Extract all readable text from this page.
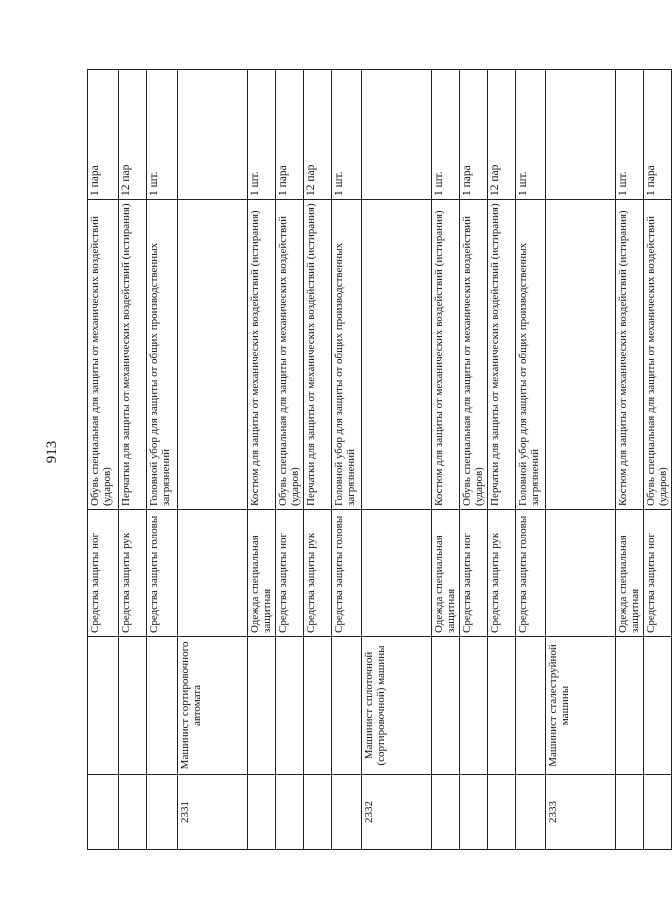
913
		Средства защиты ног	Обувь специальная для защиты от механических воздействий (ударов)	1 пара
		Средства защиты рук	Перчатки для защиты от механических воздействий (истирания)	12 пар
		Средства защиты головы	Головной убор для защиты от общих производственных загрязнений	1 шт.
2331	Машинист сортировочного автомата			
		Одежда специальная защитная	Костюм для защиты от механических воздействий (истирания)	1 шт.
		Средства защиты ног	Обувь специальная для защиты от механических воздействий (ударов)	1 пара
		Средства защиты рук	Перчатки для защиты от механических воздействий (истирания)	12 пар
		Средства защиты головы	Головной убор для защиты от общих производственных загрязнений	1 шт.
2332	Машинист сплоточной (сортировочной) машины			
		Одежда специальная защитная	Костюм для защиты от механических воздействий (истирания)	1 шт.
		Средства защиты ног	Обувь специальная для защиты от механических воздействий (ударов)	1 пара
		Средства защиты рук	Перчатки для защиты от механических воздействий (истирания)	12 пар
		Средства защиты головы	Головной убор для защиты от общих производственных загрязнений	1 шт.
2333	Машинист сталеструйной машины			
		Одежда специальная защитная	Костюм для защиты от механических воздействий (истирания)	1 шт.
		Средства защиты ног	Обувь специальная для защиты от механических воздействий (ударов)	1 пара
